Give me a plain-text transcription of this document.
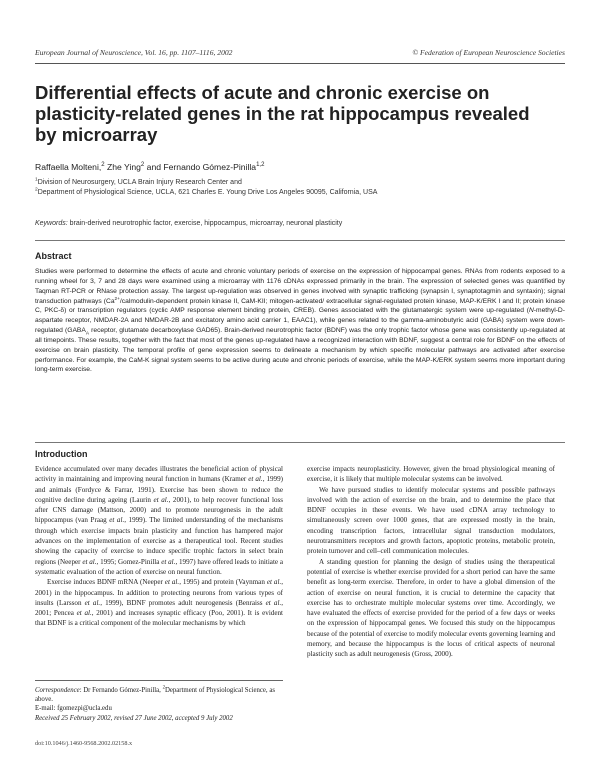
European Journal of Neuroscience, Vol. 16, pp. 1107–1116, 2002	© Federation of European Neuroscience Societies
Differential effects of acute and chronic exercise on plasticity-related genes in the rat hippocampus revealed by microarray
Raffaella Molteni,$^2$ Zhe Ying$^2$ and Fernando Gómez-Pinilla$^{1,2}$
$^1$Division of Neurosurgery, UCLA Brain Injury Research Center and
$^2$Department of Physiological Science, UCLA, 621 Charles E. Young Drive Los Angeles 90095, California, USA
Keywords: brain-derived neurotrophic factor, exercise, hippocampus, microarray, neuronal plasticity
Abstract
Studies were performed to determine the effects of acute and chronic voluntary periods of exercise on the expression of hippocampal genes. RNAs from rodents exposed to a running wheel for 3, 7 and 28 days were examined using a microarray with 1176 cDNAs expressed primarily in the brain. The expression of selected genes was quantified by Taqman RT-PCR or RNase protection assay. The largest up-regulation was observed in genes involved with synaptic trafficking (synapsin I, synaptotagmin and syntaxin); signal transduction pathways ($Ca^{2+}/calmodulin$-dependent protein kinase II, CaM-KII; mitogen-activated/ extracellular signal-regulated protein kinase, MAP-K/ERK I and II; protein kinase C, PKC-δ) or transcription regulators (cyclic AMP response element binding protein, CREB). Genes associated with the glutamatergic system were up-regulated (N-methyl-D-aspartate receptor, NMDAR-2A and NMDAR-2B and excitatory amino acid carrier 1, EAAC1), while genes related to the gamma-aminobutyric acid (GABA) system were down-regulated ($GABA_A$ receptor, glutamate decarboxylase GAD65). Brain-derived neurotrophic factor (BDNF) was the only trophic factor whose gene was consistently up-regulated at all timepoints. These results, together with the fact that most of the genes up-regulated have a recognized interaction with BDNF, suggest a central role for BDNF on the effects of exercise on brain plasticity. The temporal profile of gene expression seems to delineate a mechanism by which specific molecular pathways are activated after exercise performance. For example, the CaM-K signal system seems to be active during acute and chronic periods of exercise, while the MAP-K/ERK system seems more important during long-term exercise.
Introduction

Evidence accumulated over many decades illustrates the beneficial action of physical activity in maintaining and improving neural function in humans (Kramer et al., 1999) and animals (Fordyce & Farrar, 1991). Exercise has been shown to reduce the cognitive decline during ageing (Laurin et al., 2001), to help recover functional loss after CNS damage (Mattson, 2000) and to promote neurogenesis in the adult hippocampus (van Praag et al., 1999). The limited understanding of the mechanisms through which exercise impacts brain plasticity and function has hampered major advances on the implementation of exercise as a therapeutical tool. Recent studies showing the capacity of exercise to induce specific trophic factors in select brain regions (Neeper et al., 1995; Gomez-Pinilla et al., 1997) have offered leads to initiate a systematic evaluation of the action of exercise on neural function.

Exercise induces BDNF mRNA (Neeper et al., 1995) and protein (Vaynman et al., 2001) in the hippocampus. In addition to protecting neurons from various types of insults (Larsson et al., 1999), BDNF promotes adult neurogenesis (Benraiss et al., 2001; Pencea et al., 2001) and increases synaptic efficacy (Poo, 2001). It is evident that BDNF is a critical component of the molecular mechanisms by which

exercise impacts neuroplasticity. However, given the broad physiological meaning of exercise, it is likely that multiple molecular systems can be involved.

We have pursued studies to identify molecular systems and possible pathways involved with the action of exercise on the brain, and to determine the place that BDNF occupies in these events. We have used cDNA array technology to simultaneously screen over 1000 genes, that are expressed mostly in the brain, encoding transcription factors, intracellular signal transduction modulators, neurotransmitters receptors and growth factors, apoptotic proteins, metabolic protein, protein turnover and cell–cell communication molecules.

A standing question for planning the design of studies using the therapeutical potential of exercise is whether exercise provided for a short period can have the same benefit as long-term exercise. Therefore, in order to have a global dimension of the action of exercise on neural function, it is crucial to determine the capacity that exercise has to orchestrate multiple molecular systems over time. Accordingly, we have evaluated the effects of exercise provided for the period of a few days or weeks on the expression of hippocampal genes. We focused this study on the hippocampus because of the potential of exercise to modify molecular events governing learning and memory, and because the hippocampus is the locus of critical aspects of neuronal plasticity such as adult neurogenesis (Gross, 2000).

Correspondence: Dr Fernando Gómez-Pinilla, $^2$Department of Physiological Science, as above.
E-mail: fgomezpi@ucla.edu
Received 25 February 2002, revised 27 June 2002, accepted 9 July 2002
doi:10.1046/j.1460-9568.2002.02158.x
